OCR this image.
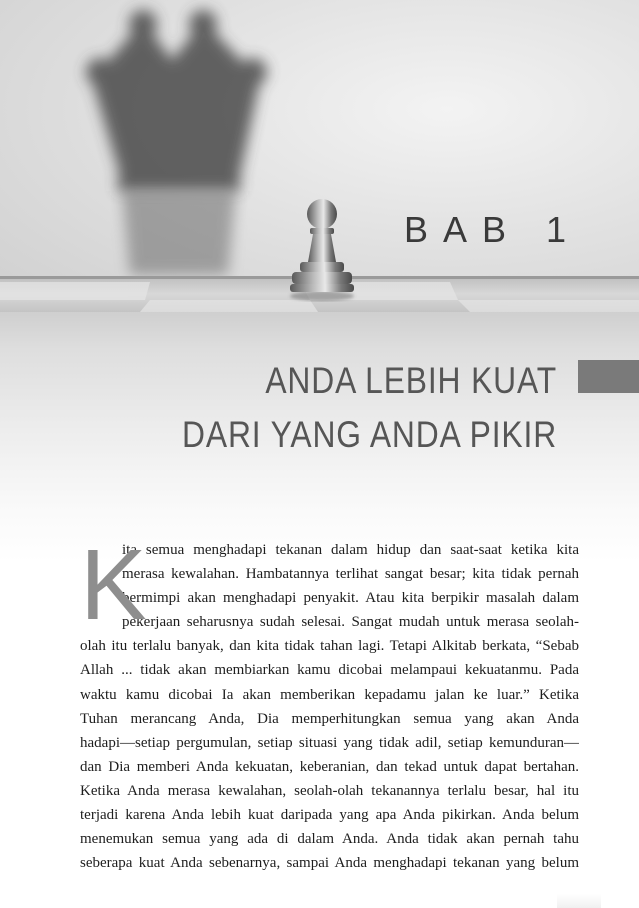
BAB 1
ANDA LEBIH KUAT
DARI YANG ANDA PIKIR
K
ita semua menghadapi tekanan dalam hidup dan saat-saat ketika kita
merasa kewalahan. Hambatannya terlihat sangat besar; kita tidak pernah
bermimpi akan menghadapi penyakit. Atau kita berpikir masalah dalam
pekerjaan seharusnya sudah selesai. Sangat mudah untuk merasa seolah-
olah itu terlalu banyak, dan kita tidak tahan lagi. Tetapi Alkitab berkata, “Sebab
Allah ... tidak akan membiarkan kamu dicobai melampaui kekuatanmu. Pada
waktu kamu dicobai Ia akan memberikan kepadamu jalan ke luar.” Ketika
Tuhan merancang Anda, Dia memperhitungkan semua yang akan Anda
hadapi—setiap pergumulan, setiap situasi yang tidak adil, setiap kemunduran—
dan Dia memberi Anda kekuatan, keberanian, dan tekad untuk dapat bertahan.
Ketika Anda merasa kewalahan, seolah-olah tekanannya terlalu besar, hal itu
terjadi karena Anda lebih kuat daripada yang apa Anda pikirkan. Anda belum
menemukan semua yang ada di dalam Anda. Anda tidak akan pernah tahu
seberapa kuat Anda sebenarnya, sampai Anda menghadapi tekanan yang belum
